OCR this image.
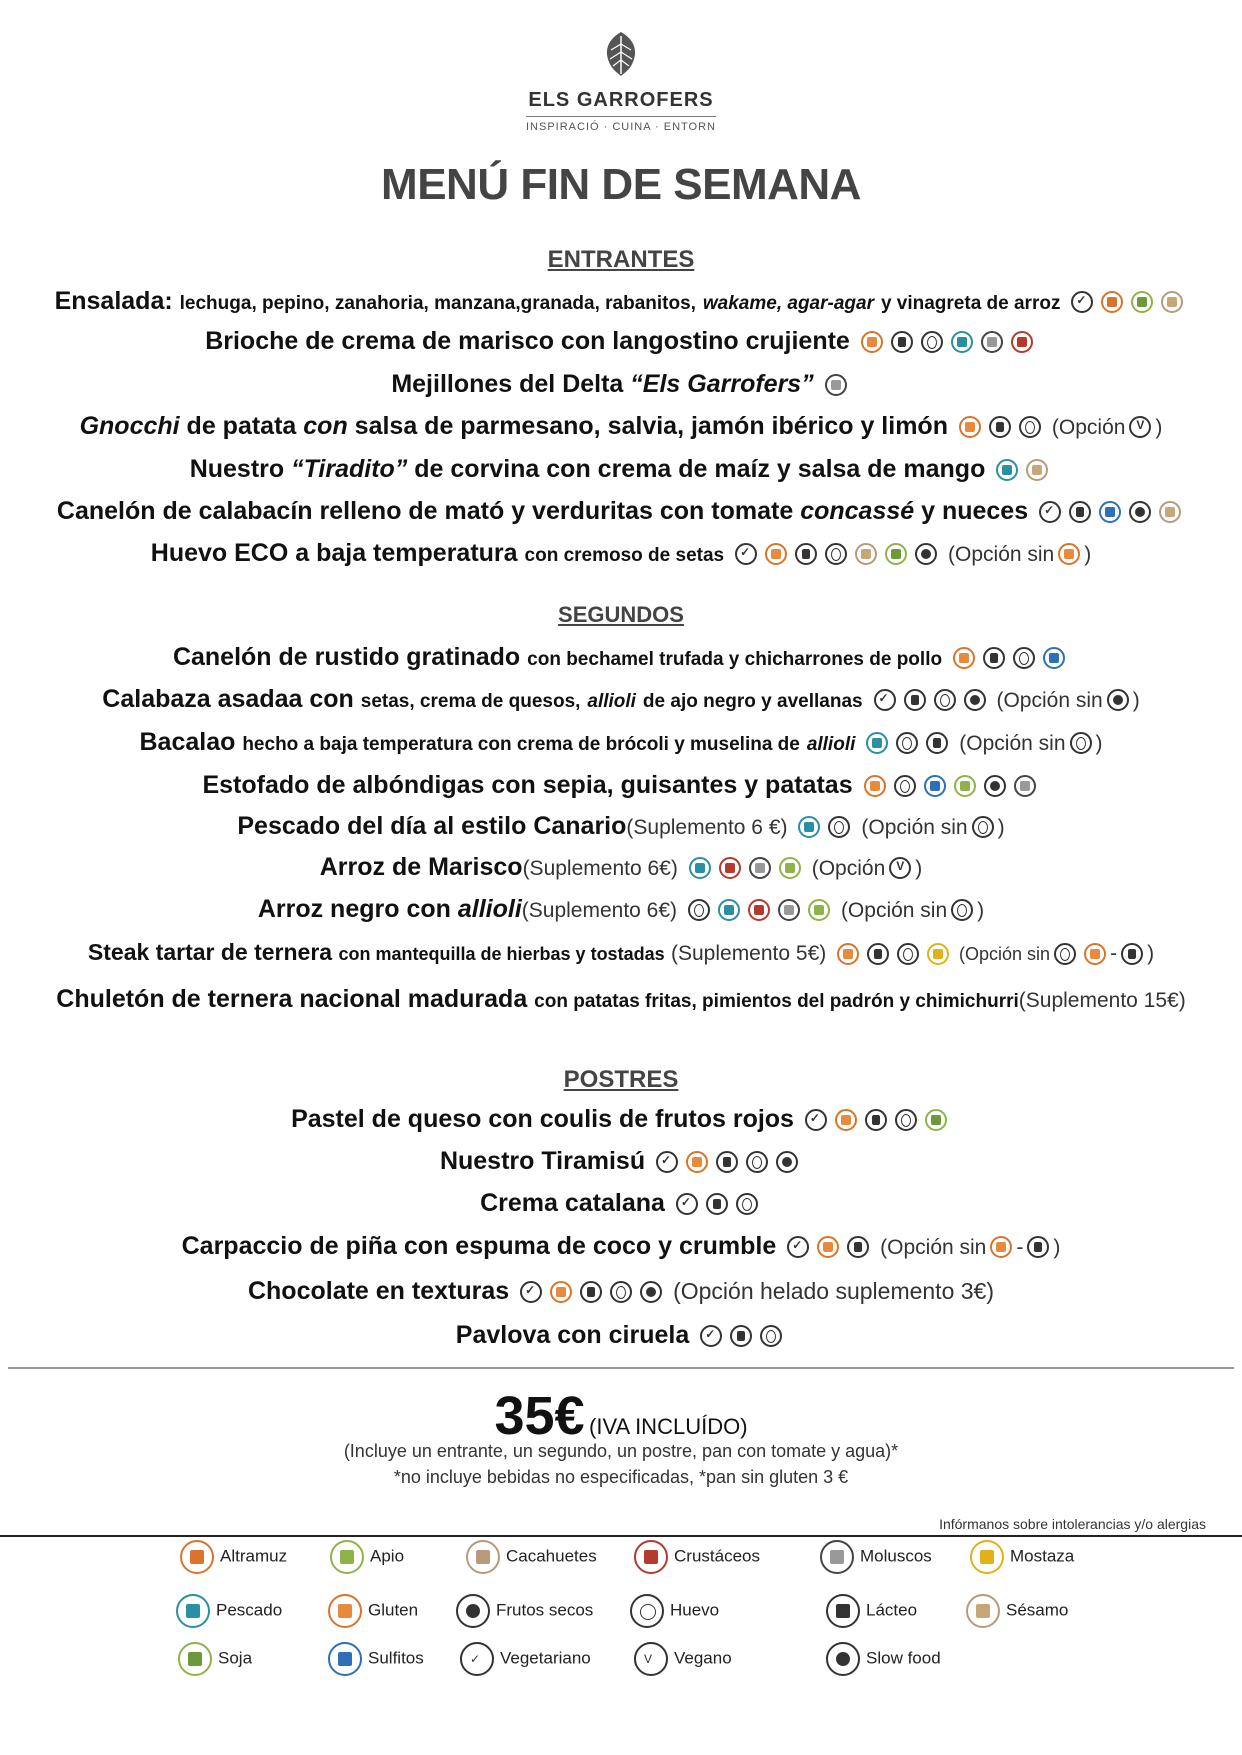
ELS GARROFERS
INSPIRACIÓ · CUINA · ENTORN
MENÚ FIN DE SEMANA
ENTRANTES
Ensalada: lechuga, pepino, zanahoria, manzana,granada, rabanitos, wakame, agar-agar y vinagreta de arroz ✓
Brioche de crema de marisco con langostino crujiente
Mejillones del Delta “Els Garrofers”
Gnocchi de patata con salsa de parmesano, salvia, jamón ibérico y limón	(Opción V )
Nuestro “Tiradito” de corvina con crema de maíz y salsa de mango
Canelón de calabacín relleno de mató y verduritas con tomate concassé y nueces ✓
Huevo ECO a baja temperatura con cremoso de setas ✓	(Opción sin )
SEGUNDOS
Canelón de rustido gratinado con bechamel trufada y chicharrones de pollo
Calabaza asadaa con setas, crema de quesos, allioli de ajo negro y avellanas ✓	(Opción sin )
Bacalao hecho a baja temperatura con crema de brócoli y muselina de allioli	(Opción sin )
Estofado de albóndigas con sepia, guisantes y patatas
Pescado del día al estilo Canario(Suplemento 6 €)	(Opción sin )
Arroz de Marisco(Suplemento 6€)	(Opción V )
Arroz negro con allioli(Suplemento 6€)	(Opción sin )
Steak tartar de ternera con mantequilla de hierbas y tostadas (Suplemento 5€)	(Opción sin	- )
Chuletón de ternera nacional madurada con patatas fritas, pimientos del padrón y chimichurri(Suplemento 15€)
POSTRES
Pastel de queso con coulis de frutos rojos ✓
Nuestro Tiramisú ✓
Crema catalana ✓
Carpaccio de piña con espuma de coco y crumble ✓	(Opción sin - )
Chocolate en texturas ✓	(Opción helado suplemento 3€)
Pavlova con ciruela ✓
35€ (IVA INCLUÍDO)
(Incluye un entrante, un segundo, un postre, pan con tomate y agua)*
*no incluye bebidas no especificadas, *pan sin gluten 3 €
Infórmanos sobre intolerancias y/o alergias
Altramuz	Apio	Cacahuetes	Crustáceos	Moluscos	Mostaza
Pescado	Gluten	Frutos secos	Huevo	Lácteo	Sésamo
Soja	Sulfitos ✓	Vegetariano V	Vegano	Slow food
